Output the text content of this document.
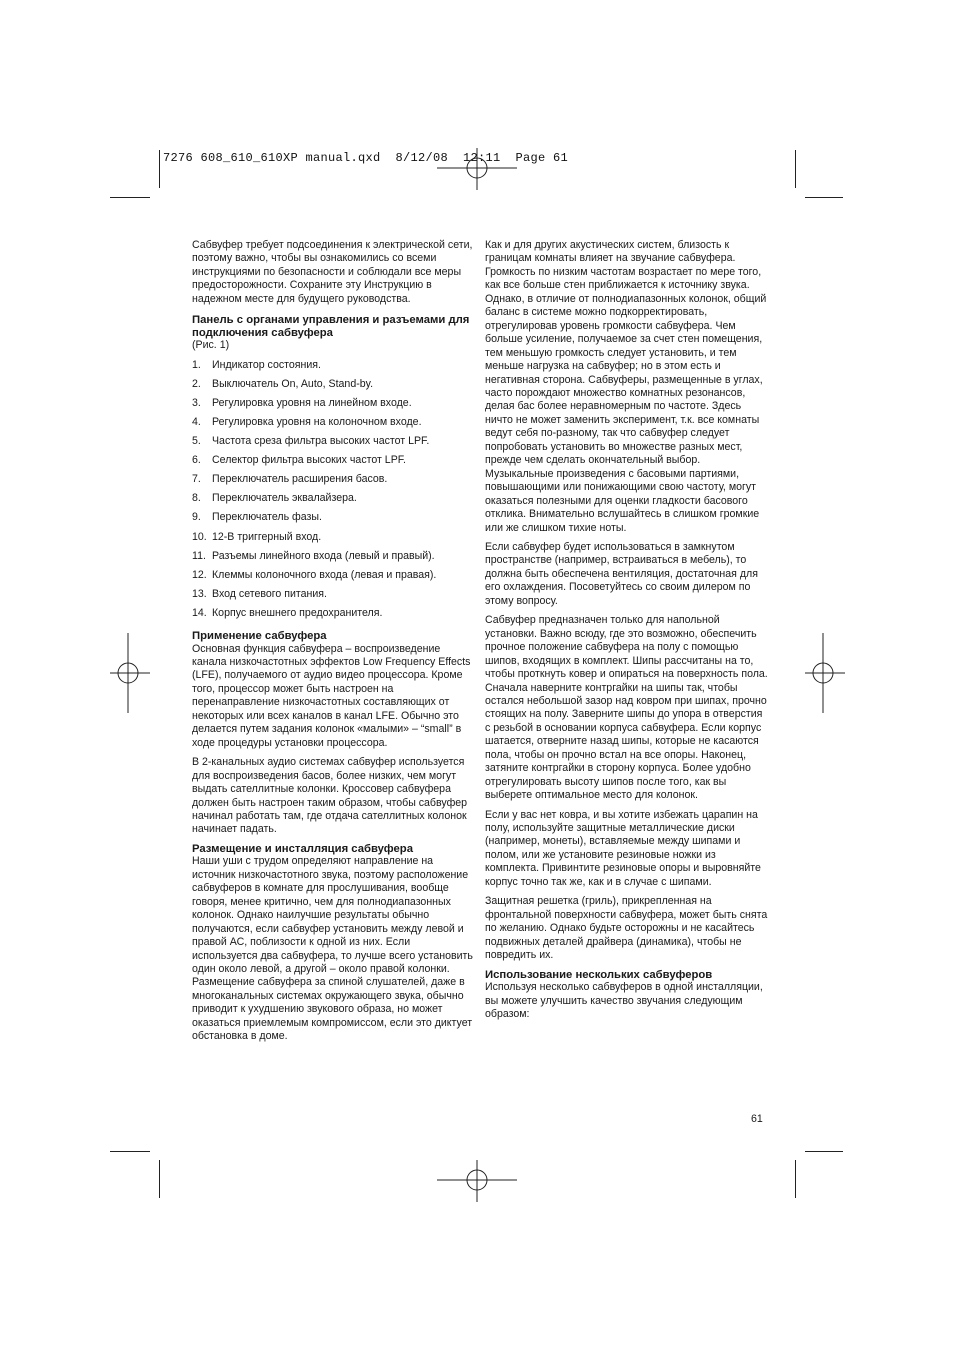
7276 608_610_610XP manual.qxd  8/12/08  12:11  Page 61

Сабвуфер требует подсоединения к электрической сети, поэтому важно, чтобы вы ознакомились со всеми инструкциями по безопасности и соблюдали все меры предосторожности. Сохраните эту Инструкцию в надежном месте для будущего руководства.

Панель с органами управления и разъемами для подключения сабвуфера
(Рис. 1)
1.	Индикатор состояния.
2.	Выключатель On, Auto, Stand-by.
3.	Регулировка уровня на линейном входе.
4.	Регулировка уровня на колоночном входе.
5.	Частота среза фильтра высоких частот LPF.
6.	Селектор фильтра высоких частот LPF.
7.	Переключатель расширения басов.
8.	Переключатель эквалайзера.
9.	Переключатель фазы.
10. 12-В триггерный вход.
11. Разъемы линейного входа (левый и правый).
12. Клеммы колоночного входа (левая и правая).
13. Вход сетевого питания.
14. Корпус внешнего предохранителя.
Применение сабвуфера

Основная функция сабвуфера – воспроизведение канала низкочастотных эффектов Low Frequency Effects (LFE), получаемого от аудио видео процессора. Кроме того, процессор может быть настроен на перенаправление низкочастотных составляющих от некоторых или всех каналов в канал LFE. Обычно это делается путем задания колонок «малыми» – “small” в ходе процедуры установки процессора.

В 2-канальных аудио системах сабвуфер используется для воспроизведения басов, более низких, чем могут выдать сателлитные колонки. Кроссовер сабвуфера должен быть настроен таким образом, чтобы сабвуфер начинал работать там, где отдача сателлитных колонок начинает падать.

Размещение и инсталляция сабвуфера

Наши уши с трудом определяют направление на источник низкочастотного звука, поэтому расположение сабвуферов в комнате для прослушивания, вообще говоря, менее критично, чем для полнодиапазонных колонок. Однако наилучшие результаты обычно получаются, если сабвуфер установить между левой и правой АС, поблизости к одной из них. Если используется два сабвуфера, то лучше всего установить один около левой, а другой – около правой колонки. Размещение сабвуфера за спиной слушателей, даже в многоканальных системах окружающего звука, обычно приводит к ухудшению звукового образа, но может оказаться приемлемым компромиссом, если это диктует обстановка в доме.

Как и для других акустических систем, близость к границам комнаты влияет на звучание сабвуфера. Громкость по низким частотам возрастает по мере того, как все больше стен приближается к источнику звука. Однако, в отличие от полнодиапазонных колонок, общий баланс в системе можно подкорректировать, отрегулировав уровень громкости сабвуфера. Чем больше усиление, получаемое за счет стен помещения, тем меньшую громкость следует установить, и тем меньше нагрузка на сабвуфер; но в этом есть и негативная сторона. Сабвуферы, размещенные в углах, часто порождают множество комнатных резонансов, делая бас более неравномерным по частоте. Здесь ничто не может заменить эксперимент, т.к. все комнаты ведут себя по-разному, так что сабвуфер следует попробовать установить во множестве разных мест, прежде чем сделать окончательный выбор. Музыкальные произведения с басовыми партиями, повышающими или понижающими свою частоту, могут оказаться полезными для оценки гладкости басового отклика. Внимательно вслушайтесь в слишком громкие или же слишком тихие ноты.

Если сабвуфер будет использоваться в замкнутом пространстве (например, встраиваться в мебель), то должна быть обеспечена вентиляция, достаточная для его охлаждения. Посоветуйтесь со своим дилером по этому вопросу.

Сабвуфер предназначен только для напольной установки. Важно всюду, где это возможно, обеспечить прочное положение сабвуфера на полу с помощью шипов, входящих в комплект. Шипы рассчитаны на то, чтобы проткнуть ковер и опираться на поверхность пола. Сначала наверните контргайки на шипы так, чтобы остался небольшой зазор над ковром при шипах, прочно стоящих на полу. Заверните шипы до упора в отверстия с резьбой в основании корпуса сабвуфера. Если корпус шатается, отверните назад шипы, которые не касаются пола, чтобы он прочно встал на все опоры. Наконец, затяните контргайки в сторону корпуса. Более удобно отрегулировать высоту шипов после того, как вы выберете оптимальное место для колонок.

Если у вас нет ковра, и вы хотите избежать царапин на полу, используйте защитные металлические диски (например, монеты), вставляемые между шипами и полом, или же установите резиновые ножки из комплекта. Привинтите резиновые опоры и выровняйте корпус точно так же, как и в случае с шипами.

Защитная решетка (гриль), прикрепленная на фронтальной поверхности сабвуфера, может быть снята по желанию. Однако будьте осторожны и не касайтесь подвижных деталей драйвера (динамика), чтобы не повредить их.

Использование нескольких сабвуферов

Используя несколько сабвуферов в одной инсталляции, вы можете улучшить качество звучания следующим образом:

61
